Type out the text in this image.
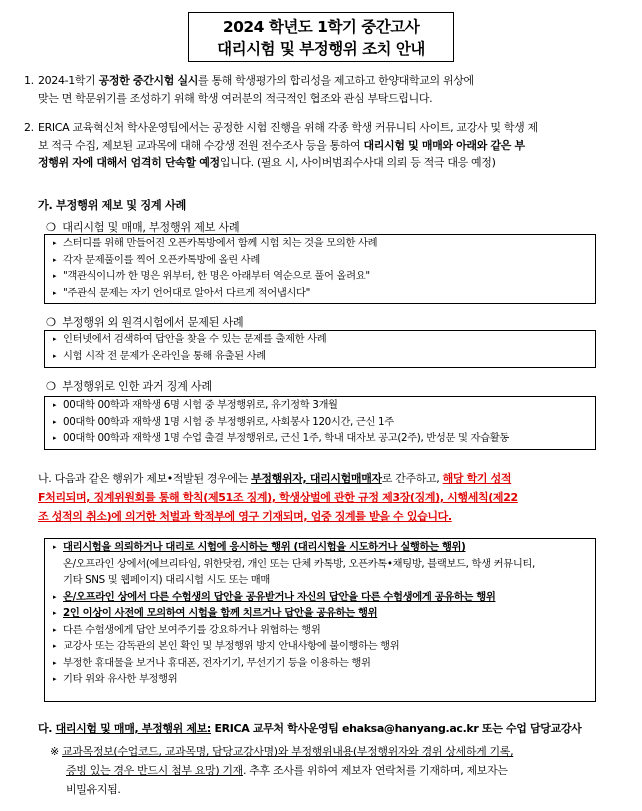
2024 학년도 1학기 중간고사
대리시험 및 부정행위 조치 안내
1. 2024-1학기 공정한 중간시험 실시를 통해 학생평가의 합리성을 제고하고 한양대학교의 위상에
맞는 면 학문위기를 조성하기 위해 학생 여러분의 적극적인 협조와 관심 부탁드립니다.
2. ERICA 교육혁신처 학사운영팀에서는 공정한 시험 진행을 위해 각종 학생 커뮤니티 사이트, 교강사 및 학생 제
보 적극 수집, 제보된 교과목에 대해 수강생 전원 전수조사 등을 통하여 대리시험 및 매매와 아래와 같은 부
정행위 자에 대해서 엄격히 단속할 예정입니다. (필요 시, 사이버범죄수사대 의뢰 등 적극 대응 예정)
가. 부정행위 제보 및 징계 사례
❍ 대리시험 및 매매, 부정행위 제보 사례
▸ 스터디를 위해 만들어진 오픈카톡방에서 함께 시험 치는 것을 모의한 사례
▸ 각자 문제풀이를 찍어 오픈카톡방에 올린 사례
▸ "객관식이니까 한 명은 위부터, 한 명은 아래부터 역순으로 풀어 올려요"
▸ "주관식 문제는 자기 언어대로 알아서 다르게 적어냅시다"
❍ 부정행위 외 원격시험에서 문제된 사례
▸ 인터넷에서 검색하여 답안을 찾을 수 있는 문제를 출제한 사례
▸ 시험 시작 전 문제가 온라인을 통해 유출된 사례
❍ 부정행위로 인한 과거 징계 사례
▸ 00대학 00학과 재학생 6명 시험 중 부정행위로, 유기정학 3개월
▸ 00대학 00학과 재학생 1명 시험 중 부정행위로, 사회봉사 120시간, 근신 1주
▸ 00대학 00학과 재학생 1명 수업 출결 부정행위로, 근신 1주, 학내 대자보 공고(2주), 반성문 및 자습활동
나. 다음과 같은 행위가 제보•적발된 경우에는 부정행위자, 대리시험매매자로 간주하고, 해당 학기 성적
F처리되며, 징계위원회를 통해 학칙(제51조 징계), 학생상벌에 관한 규정 제3장(징계), 시행세칙(제22
조 성적의 취소)에 의거한 처벌과 학적부에 영구 기재되며, 엄중 징계를 받을 수 있습니다.
▸ 대리시험을 의뢰하거나 대리로 시험에 응시하는 행위 (대리시험을 시도하거나 실행하는 행위)
온/오프라인 상에서(에브리타임, 위한닷컴, 개인 또는 단체 카톡방, 오픈카톡•채팅방, 블랙보드, 학생 커뮤니티,
기타 SNS 및 웹페이지) 대리시험 시도 또는 매매
▸ 온/오프라인 상에서 다른 수험생의 답안을 공유받거나 자신의 답안을 다른 수험생에게 공유하는 행위
▸ 2인 이상이 사전에 모의하여 시험을 함께 치르거나 답안을 공유하는 행위
▸ 다른 수험생에게 답안 보여주기를 강요하거나 위협하는 행위
▸ 교강사 또는 감독관의 본인 확인 및 부정행위 방지 안내사항에 불이행하는 행위
▸ 부정한 휴대물을 보거나 휴대폰, 전자기기, 무선기기 등을 이용하는 행위
▸ 기타 위와 유사한 부정행위
다. 대리시험 및 매매, 부정행위 제보: ERICA 교무처 학사운영팀 ehaksa@hanyang.ac.kr 또는 수업 담당교강사
※ 교과목정보(수업코드, 교과목명, 담당교강사명)와 부정행위내용(부정행위자와 경위 상세하게 기록,
증빙 있는 경우 반드시 첨부 요망) 기재. 추후 조사를 위하여 제보자 연락처를 기재하며, 제보자는
비밀유지됨.
